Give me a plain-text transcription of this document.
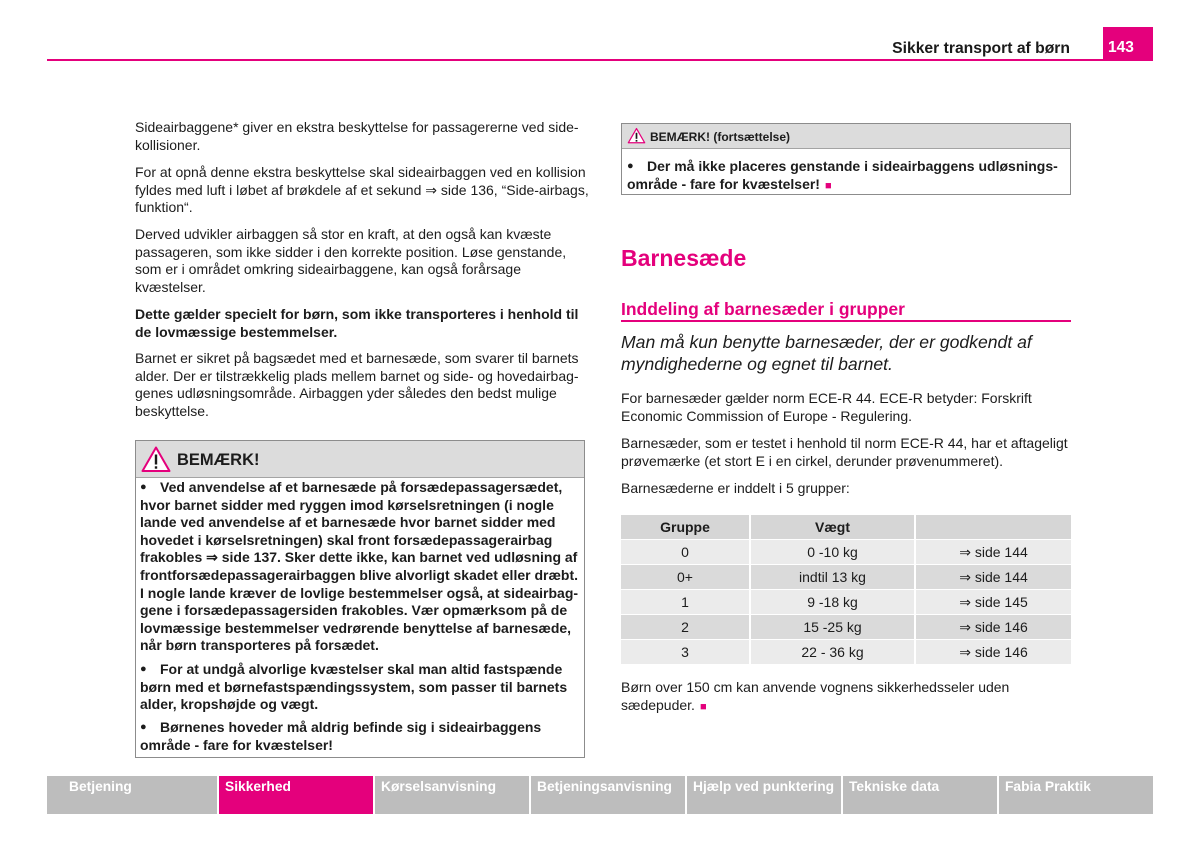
Sikker transport af børn	143
Sideairbaggene* giver en ekstra beskyttelse for passagererne ved side-
kollisioner.
For at opnå denne ekstra beskyttelse skal sideairbaggen ved en kollision
fyldes med luft i løbet af brøkdele af et sekund ⇒ side 136, “Side-airbags,
funktion“.
Derved udvikler airbaggen så stor en kraft, at den også kan kvæste
passageren, som ikke sidder i den korrekte position. Løse genstande,
som er i området omkring sideairbaggene, kan også forårsage
kvæstelser.
Dette gælder specielt for børn, som ikke transporteres i henhold til
de lovmæssige bestemmelser.
Barnet er sikret på bagsædet med et barnesæde, som svarer til barnets
alder. Der er tilstrækkelig plads mellem barnet og side- og hovedairbag-
genes udløsningsområde. Airbaggen yder således den bedst mulige
beskyttelse.
BEMÆRK!
● Ved anvendelse af et barnesæde på forsædepassagersædet,
hvor barnet sidder med ryggen imod kørselsretningen (i nogle
lande ved anvendelse af et barnesæde hvor barnet sidder med
hovedet i kørselsretningen) skal front forsædepassagerairbag
frakobles ⇒ side 137. Sker dette ikke, kan barnet ved udløsning af
frontforsædepassagerairbaggen blive alvorligt skadet eller dræbt.
I nogle lande kræver de lovlige bestemmelser også, at sideairbag-
gene i forsædepassagersiden frakobles. Vær opmærksom på de
lovmæssige bestemmelser vedrørende benyttelse af barnesæde,
når børn transporteres på forsædet.
● For at undgå alvorlige kvæstelser skal man altid fastspænde
børn med et børnefastspændingssystem, som passer til barnets
alder, kropshøjde og vægt.
● Børnenes hoveder må aldrig befinde sig i sideairbaggens
område - fare for kvæstelser!
BEMÆRK! (fortsættelse)
● Der må ikke placeres genstande i sideairbaggens udløsnings-
område - fare for kvæstelser! ■
Barnesæde
Inddeling af barnesæder i grupper
Man må kun benytte barnesæder, der er godkendt af
myndighederne og egnet til barnet.
For barnesæder gælder norm ECE-R 44. ECE-R betyder: Forskrift
Economic Commission of Europe - Regulering.
Barnesæder, som er testet i henhold til norm ECE-R 44, har et aftageligt
prøvemærke (et stort E i en cirkel, derunder prøvenummeret).
Barnesæderne er inddelt i 5 grupper:
Gruppe	Vægt
0	0 -10 kg	⇒ side 144
0+	indtil 13 kg	⇒ side 144
1	9 -18 kg	⇒ side 145
2	15 -25 kg	⇒ side 146
3	22 - 36 kg	⇒ side 146
Børn over 150 cm kan anvende vognens sikkerhedsseler uden
sædepuder. ■
Betjening	Sikkerhed	Kørselsanvisning	Betjeningsanvisning	Hjælp ved punktering	Tekniske data	Fabia Praktik
